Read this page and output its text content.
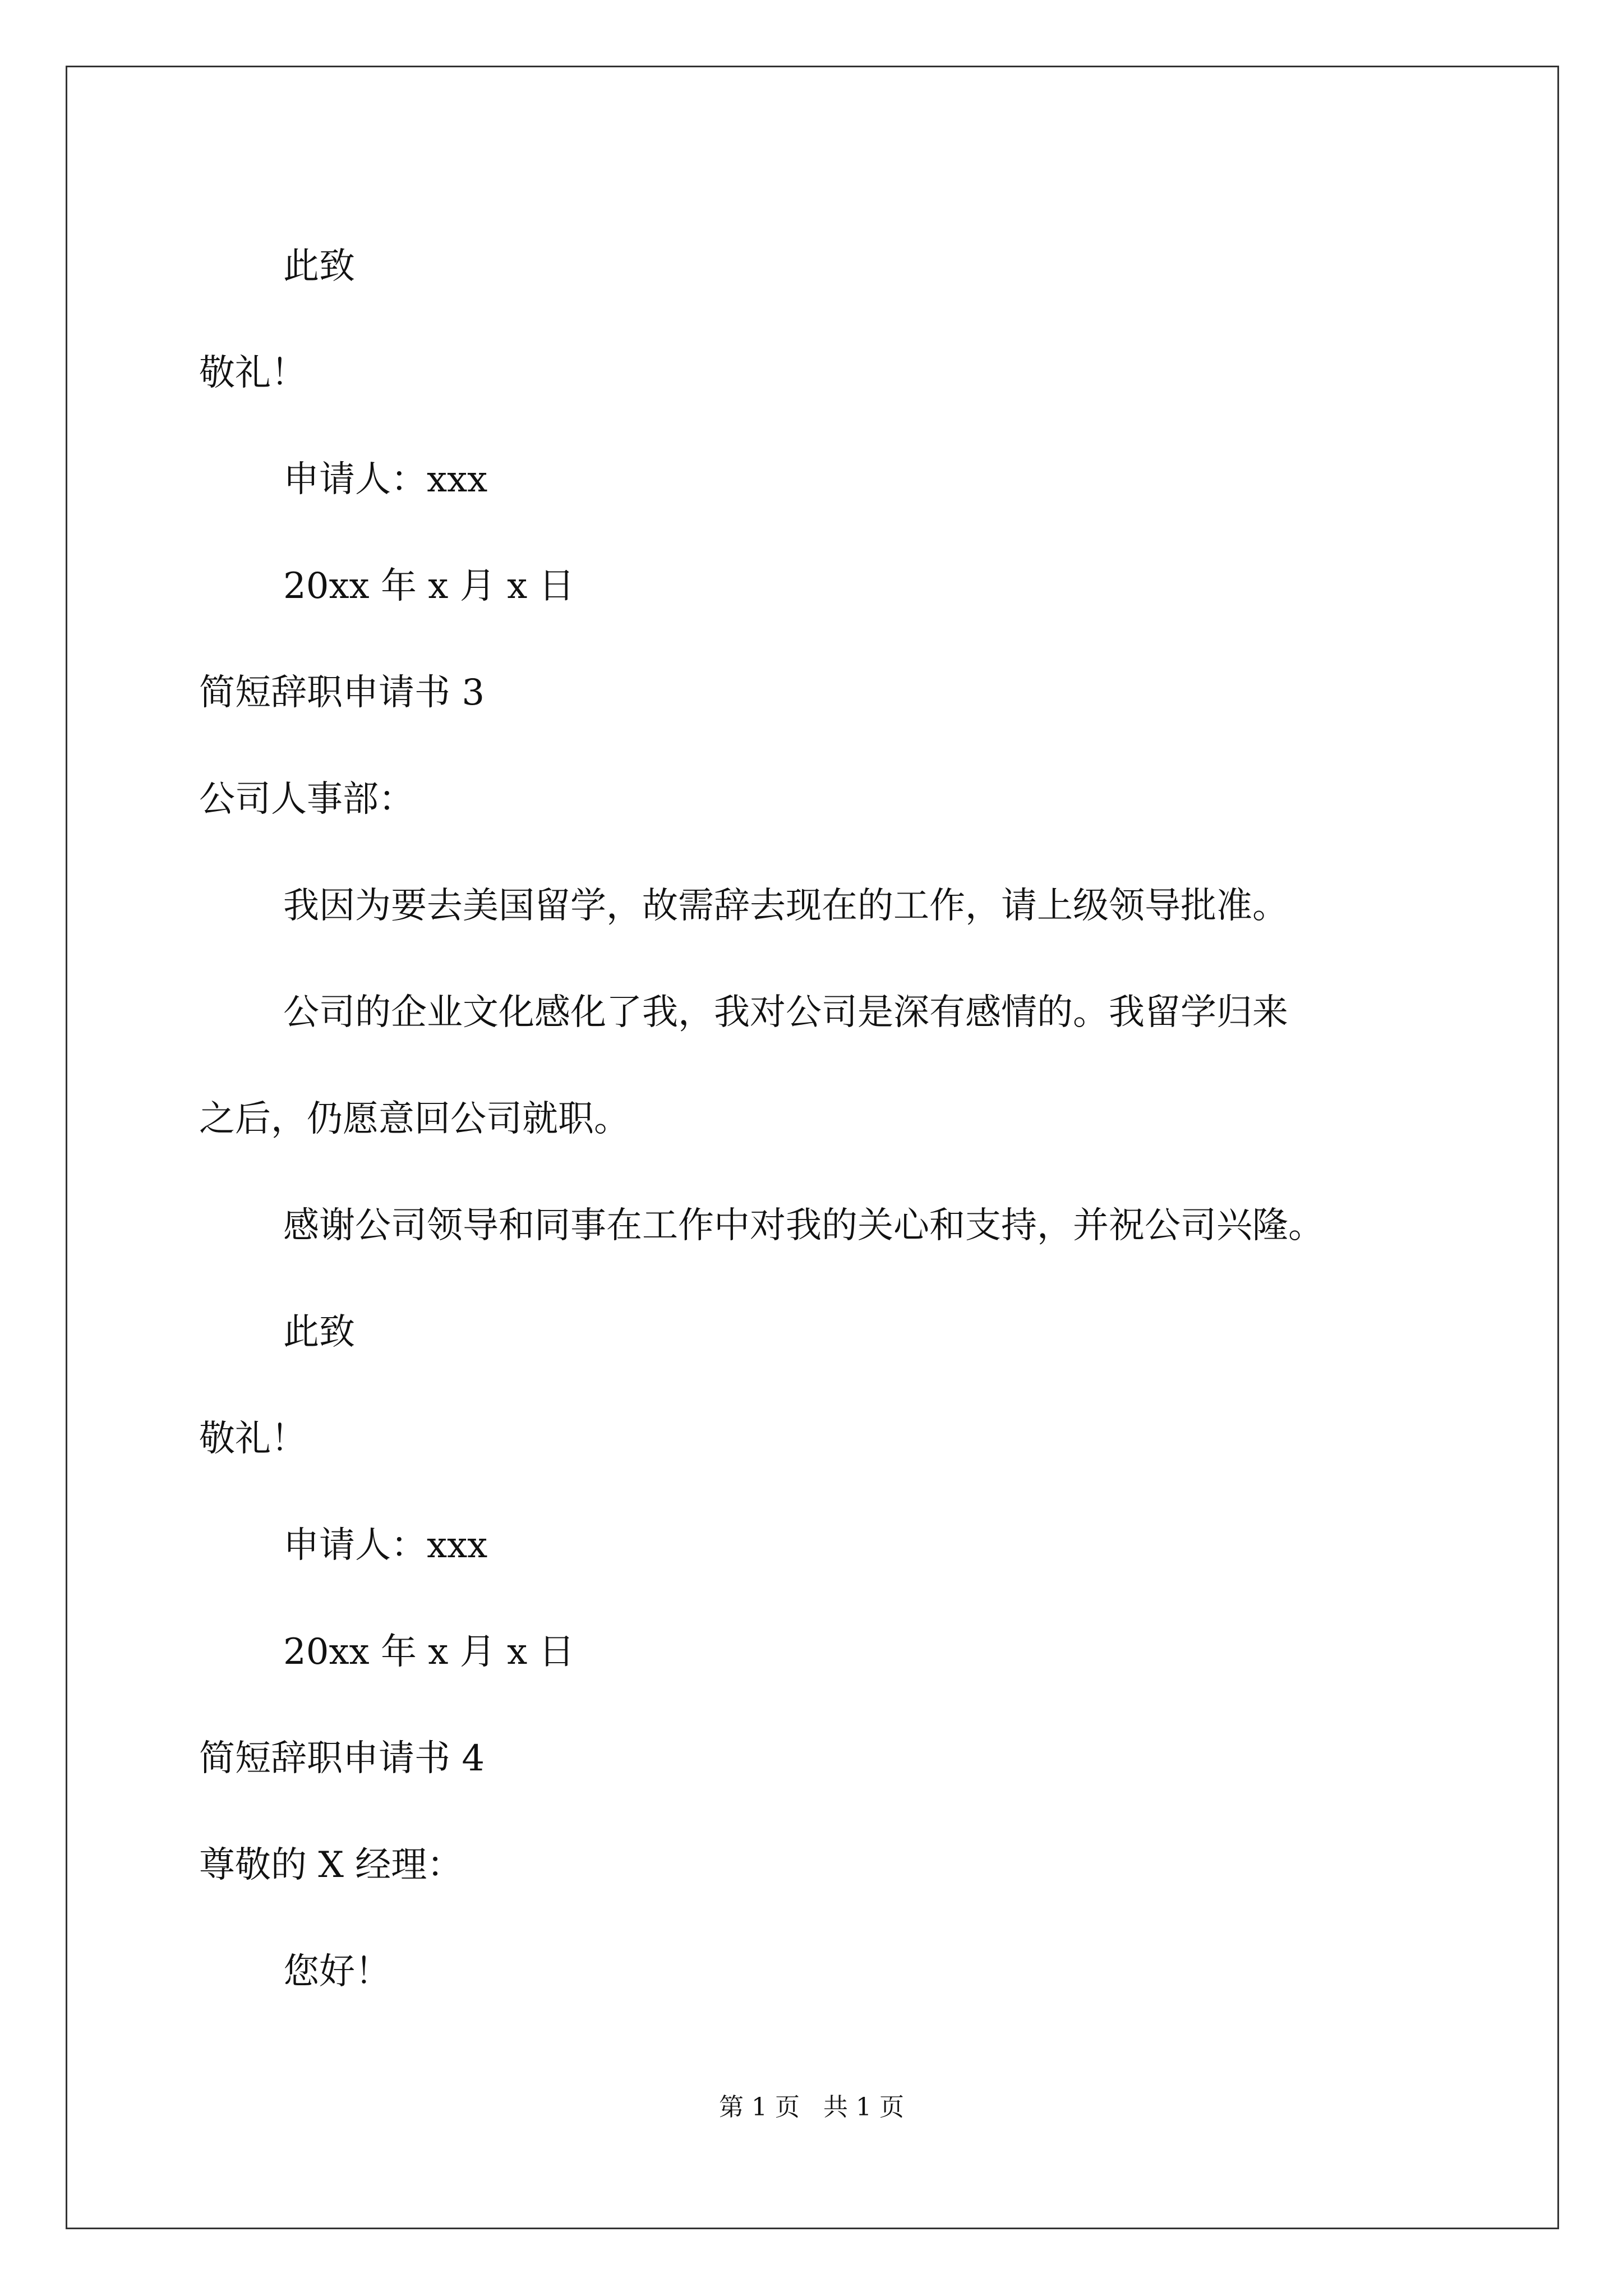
此致
敬礼！
申请人：xxx
20xx 年 x 月 x 日
简短辞职申请书 3
公司人事部：
我因为要去美国留学，故需辞去现在的工作，请上级领导批准。
公司的企业文化感化了我，我对公司是深有感情的。我留学归来
之后，仍愿意回公司就职。
感谢公司领导和同事在工作中对我的关心和支持，并祝公司兴隆。
此致
敬礼！
申请人：xxx
20xx 年 x 月 x 日
简短辞职申请书 4
尊敬的 X 经理：
您好！
第 1 页   共 1 页
